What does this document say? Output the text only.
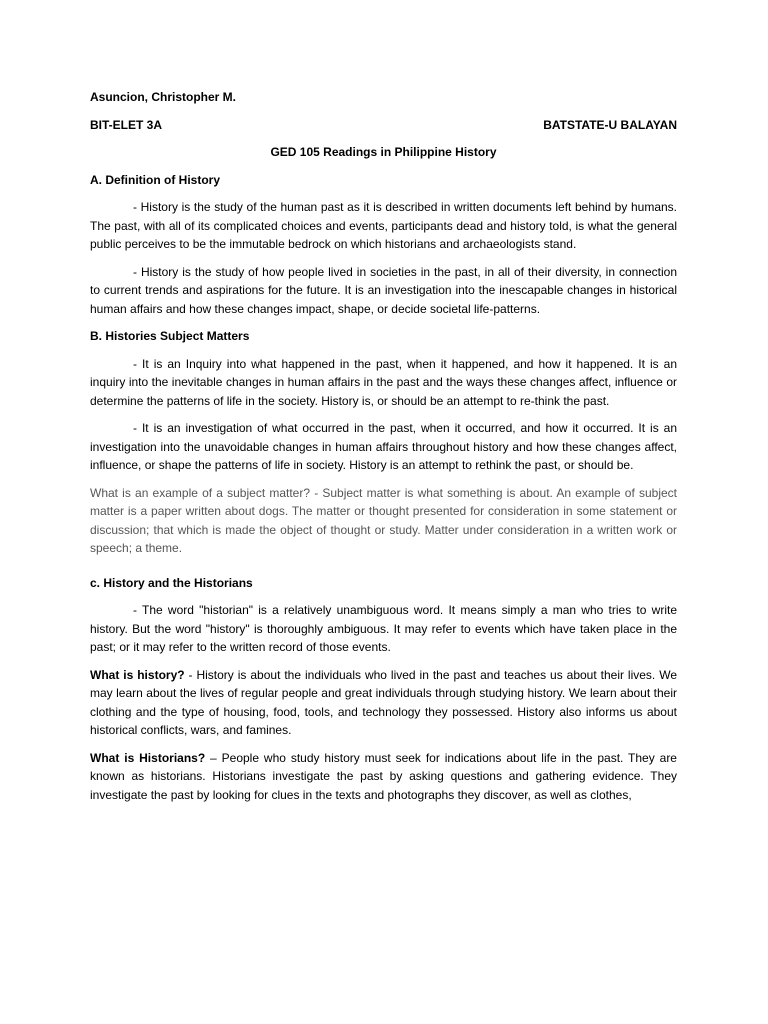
Asuncion, Christopher M.

BIT-ELET 3A	BATSTATE-U BALAYAN

GED 105 Readings in Philippine History

A. Definition of History

- History is the study of the human past as it is described in written documents left behind by humans. The past, with all of its complicated choices and events, participants dead and history told, is what the general public perceives to be the immutable bedrock on which historians and archaeologists stand.

- History is the study of how people lived in societies in the past, in all of their diversity, in connection to current trends and aspirations for the future. It is an investigation into the inescapable changes in historical human affairs and how these changes impact, shape, or decide societal life-patterns.

B. Histories Subject Matters

- It is an Inquiry into what happened in the past, when it happened, and how it happened. It is an inquiry into the inevitable changes in human affairs in the past and the ways these changes affect, influence or determine the patterns of life in the society. History is, or should be an attempt to re-think the past.

- It is an investigation of what occurred in the past, when it occurred, and how it occurred. It is an investigation into the unavoidable changes in human affairs throughout history and how these changes affect, influence, or shape the patterns of life in society. History is an attempt to rethink the past, or should be.

What is an example of a subject matter? - Subject matter is what something is about. An example of subject matter is a paper written about dogs. The matter or thought presented for consideration in some statement or discussion; that which is made the object of thought or study. Matter under consideration in a written work or speech; a theme.

c. History and the Historians

- The word "historian" is a relatively unambiguous word. It means simply a man who tries to write history. But the word "history" is thoroughly ambiguous. It may refer to events which have taken place in the past; or it may refer to the written record of those events.

What is history? - History is about the individuals who lived in the past and teaches us about their lives. We may learn about the lives of regular people and great individuals through studying history. We learn about their clothing and the type of housing, food, tools, and technology they possessed. History also informs us about historical conflicts, wars, and famines.

What is Historians? – People who study history must seek for indications about life in the past. They are known as historians. Historians investigate the past by asking questions and gathering evidence. They investigate the past by looking for clues in the texts and photographs they discover, as well as clothes,
